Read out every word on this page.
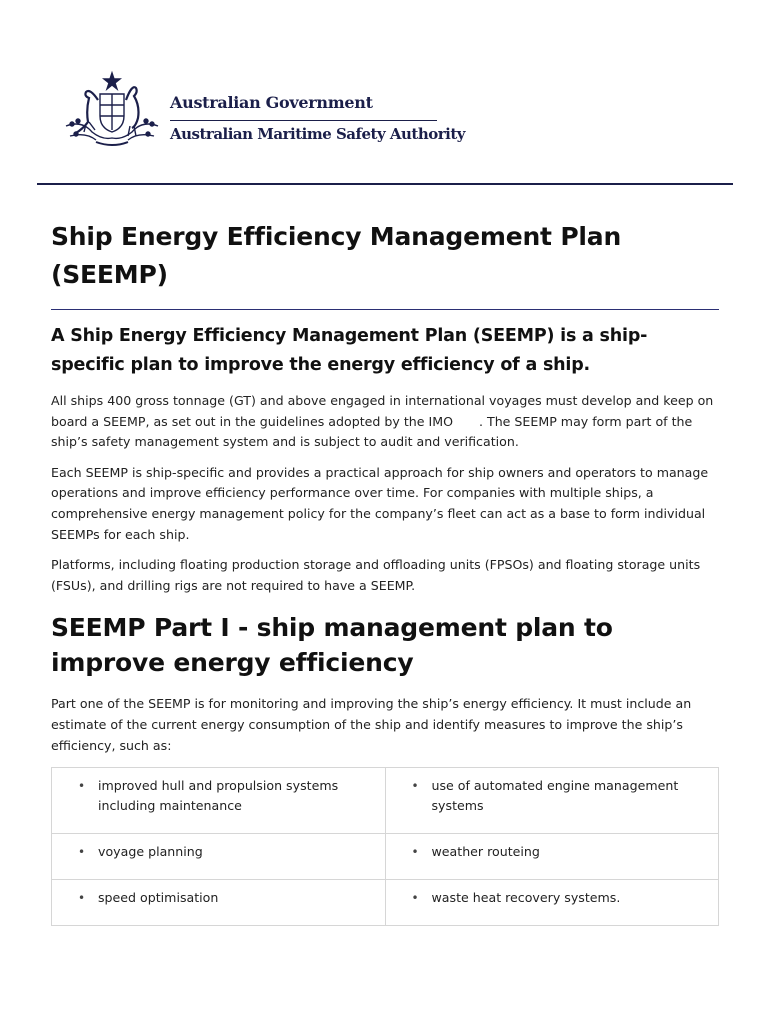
Australian Government
Australian Maritime Safety Authority
Ship Energy Efficiency Management Plan (SEEMP)

A Ship Energy Efficiency Management Plan (SEEMP) is a ship-specific plan to improve the energy efficiency of a ship.

All ships 400 gross tonnage (GT) and above engaged in international voyages must develop and keep on board a SEEMP, as set out in the guidelines adopted by the IMO . The SEEMP may form part of the ship’s safety management system and is subject to audit and verification.

Each SEEMP is ship-specific and provides a practical approach for ship owners and operators to manage operations and improve efficiency performance over time. For companies with multiple ships, a comprehensive energy management policy for the company’s fleet can act as a base to form individual SEEMPs for each ship.

Platforms, including floating production storage and offloading units (FPSOs) and floating storage units (FSUs), and drilling rigs are not required to have a SEEMP.

SEEMP Part I - ship management plan to improve energy efficiency

Part one of the SEEMP is for monitoring and improving the ship’s energy efficiency. It must include an estimate of the current energy consumption of the ship and identify measures to improve the ship’s efficiency, such as:

• improved hull and propulsion systems including maintenance	• use of automated engine management systems

• voyage planning	• weather routeing

• speed optimisation	• waste heat recovery systems.
